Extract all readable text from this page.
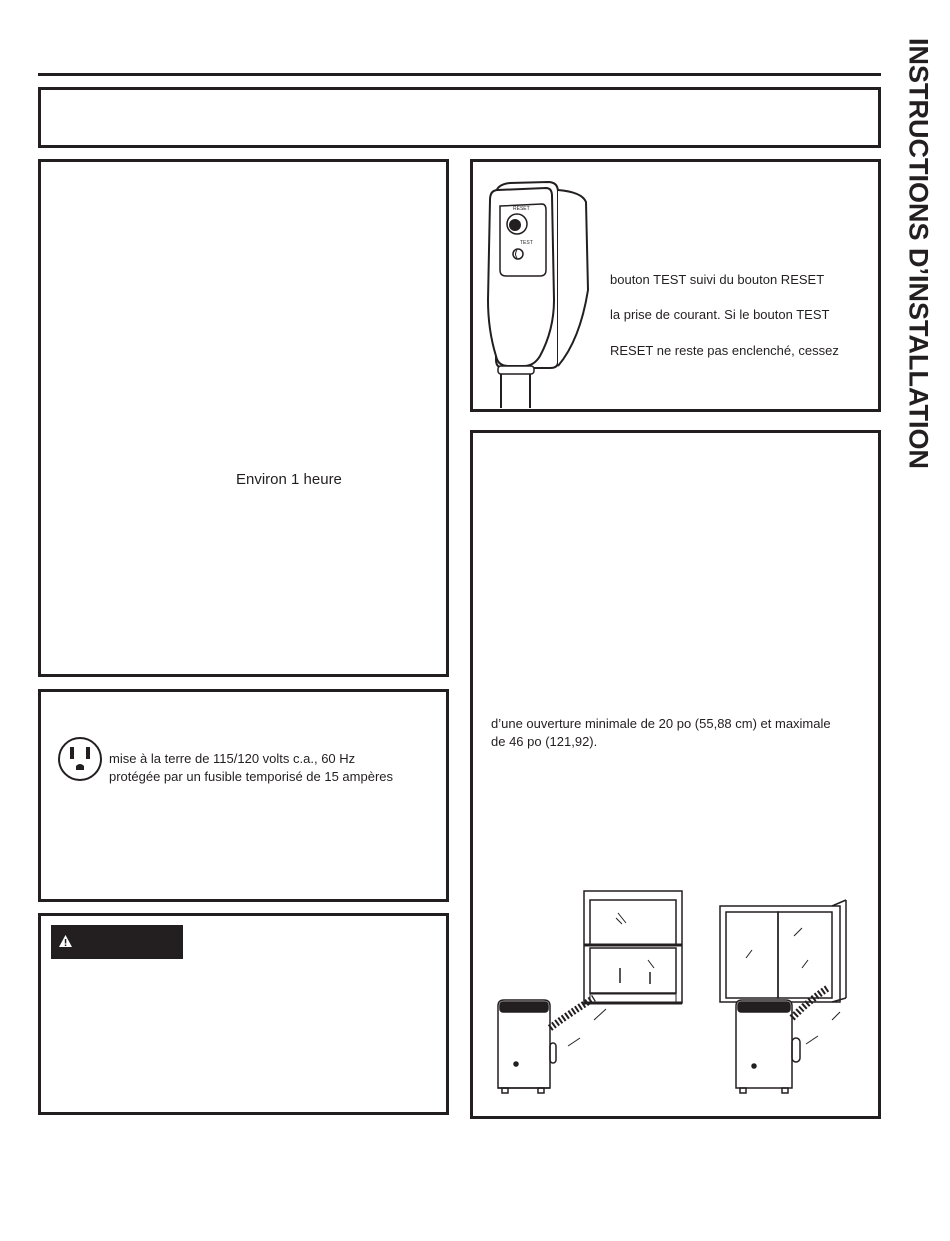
INSTRUCTIONS D’INSTALLATION
Environ 1 heure
RESET
TEST
bouton TEST suivi du bouton RESET
la prise de courant. Si le bouton TEST
RESET ne reste pas enclenché, cessez
mise à la terre de 115/120 volts c.a., 60 Hz
protégée par un fusible temporisé de 15 ampères
d’une ouverture minimale de 20 po (55,88 cm) et maximale
de 46 po (121,92).
